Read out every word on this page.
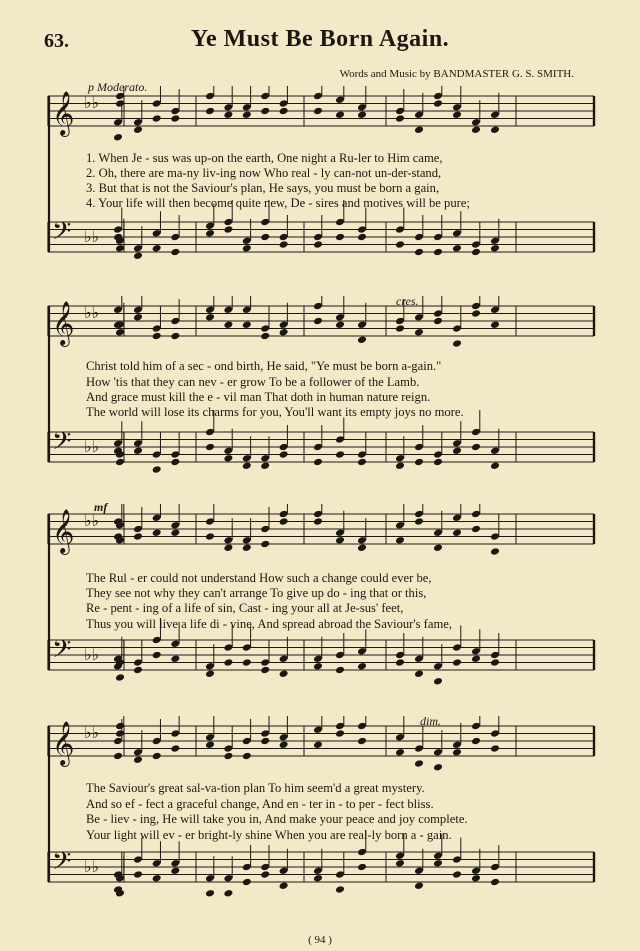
63.	Ye Must Be Born Again.
Words and Music by BANDMASTER G. S. SMITH.
p Moderato.
cres.
mf
dim.
𝄞 ♭♭
𝄢 ♭♭
1. When Je - sus was up-on the earth, One night a Ru-ler to Him came,
2. Oh, there are ma-ny liv-ing now Who real - ly can-not un-der-stand,
3. But that is not the Saviour's plan, He says, you must be born a gain,
4. Your life will then become quite new, De - sires and motives will be pure;
𝄞 ♭♭
𝄢 ♭♭
Christ told him of a sec - ond birth, He said, "Ye must be born a-gain."
How 'tis that they can nev - er grow To be a follower of the Lamb.
And grace must kill the e - vil man That doth in human nature reign.
The world will lose its charms for you, You'll want its empty joys no more.
𝄞 ♭♭
𝄢 ♭♭
The Rul - er could not understand How such a change could ever be,
They see not why they can't arrange To give up do - ing that or this,
Re - pent - ing of a life of sin, Cast - ing your all at Je-sus' feet,
Thus you will live a life di - vine, And spread abroad the Saviour's fame,
𝄞 ♭♭
𝄢 ♭♭
The Saviour's great sal-va-tion plan To him seem'd a great mystery.
And so ef - fect a graceful change, And en - ter in - to per - fect bliss.
Be - liev - ing, He will take you in, And make your peace and joy complete.
Your light will ev - er bright-ly shine When you are real-ly born a - gain.
( 94 )
